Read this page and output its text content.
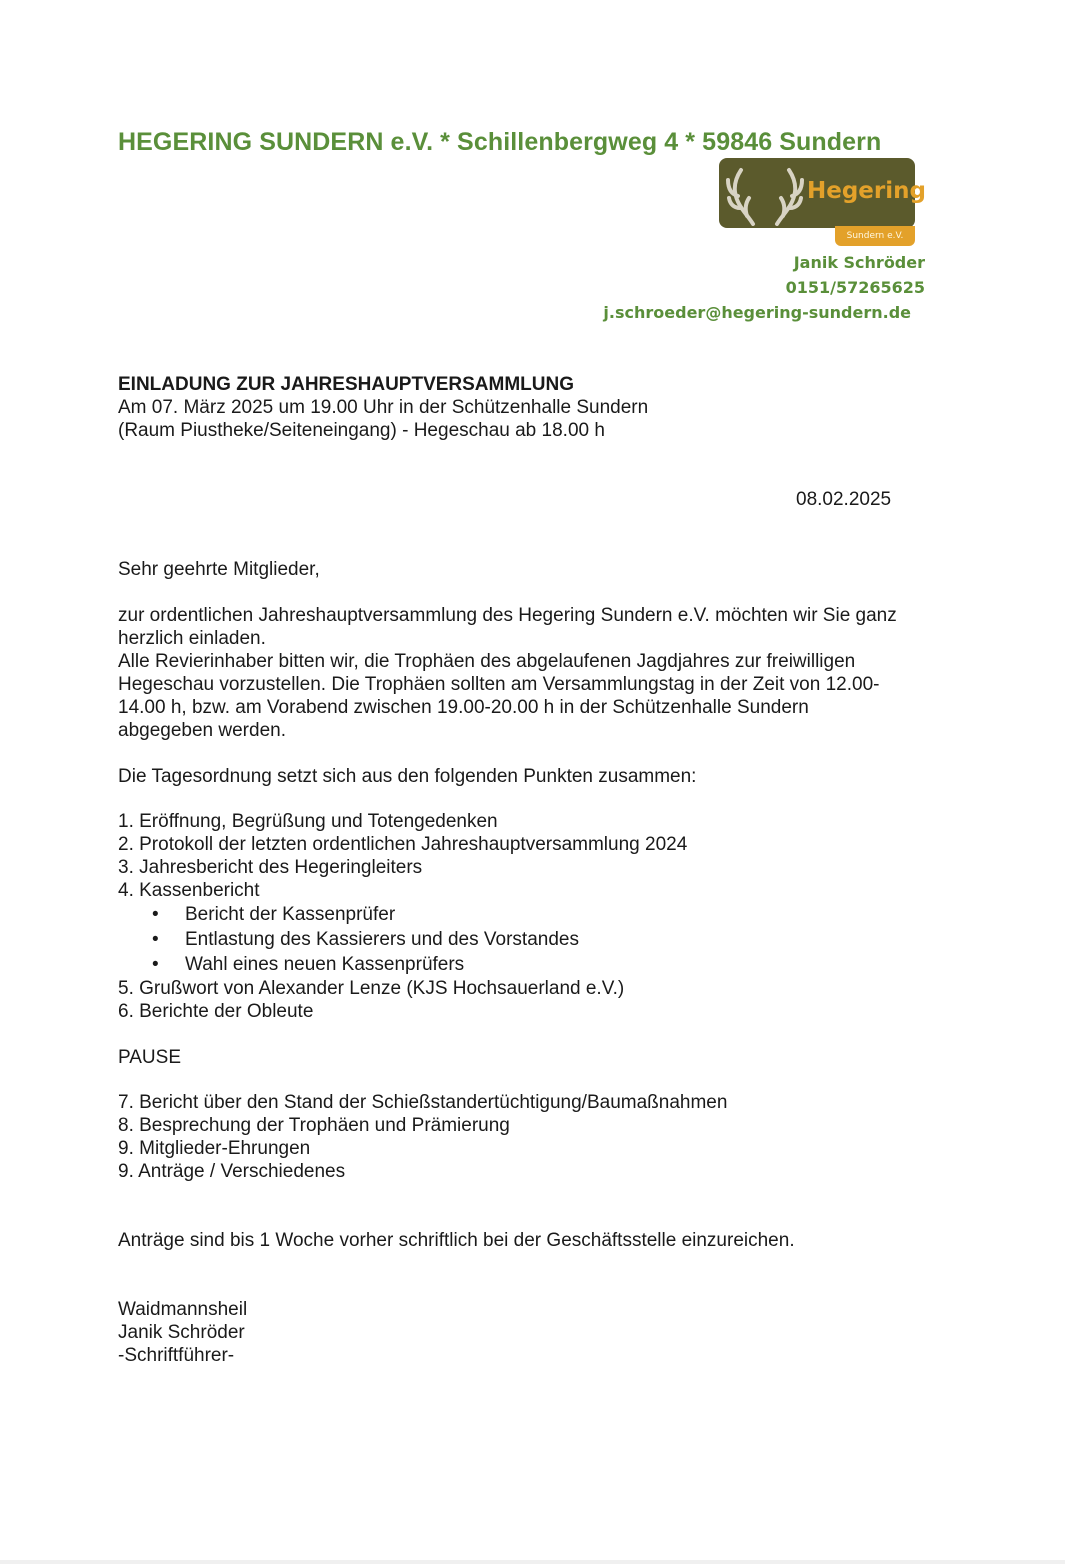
HEGERING SUNDERN e.V. * Schillenbergweg 4 * 59846 Sundern
Hegering
Sundern e.V.
Janik Schröder
0151/57265625
j.schroeder@hegering-sundern.de
EINLADUNG ZUR JAHRESHAUPTVERSAMMLUNG
Am 07. März 2025 um 19.00 Uhr in der Schützenhalle Sundern
(Raum Piustheke/Seiteneingang) - Hegeschau ab 18.00 h
08.02.2025
Sehr geehrte Mitglieder,
zur ordentlichen Jahreshauptversammlung des Hegering Sundern e.V. möchten wir Sie ganz
herzlich einladen.
Alle Revierinhaber bitten wir, die Trophäen des abgelaufenen Jagdjahres zur freiwilligen
Hegeschau vorzustellen. Die Trophäen sollten am Versammlungstag in der Zeit von 12.00-
14.00 h, bzw. am Vorabend zwischen 19.00-20.00 h in der Schützenhalle Sundern
abgegeben werden.
Die Tagesordnung setzt sich aus den folgenden Punkten zusammen:
1. Eröffnung, Begrüßung und Totengedenken
2. Protokoll der letzten ordentlichen Jahreshauptversammlung 2024
3. Jahresbericht des Hegeringleiters
4. Kassenbericht
• Bericht der Kassenprüfer
• Entlastung des Kassierers und des Vorstandes
• Wahl eines neuen Kassenprüfers
5. Grußwort von Alexander Lenze (KJS Hochsauerland e.V.)
6. Berichte der Obleute
PAUSE
7. Bericht über den Stand der Schießstandertüchtigung/Baumaßnahmen
8. Besprechung der Trophäen und Prämierung
9. Mitglieder-Ehrungen
9. Anträge / Verschiedenes
Anträge sind bis 1 Woche vorher schriftlich bei der Geschäftsstelle einzureichen.
Waidmannsheil
Janik Schröder
-Schriftführer-
